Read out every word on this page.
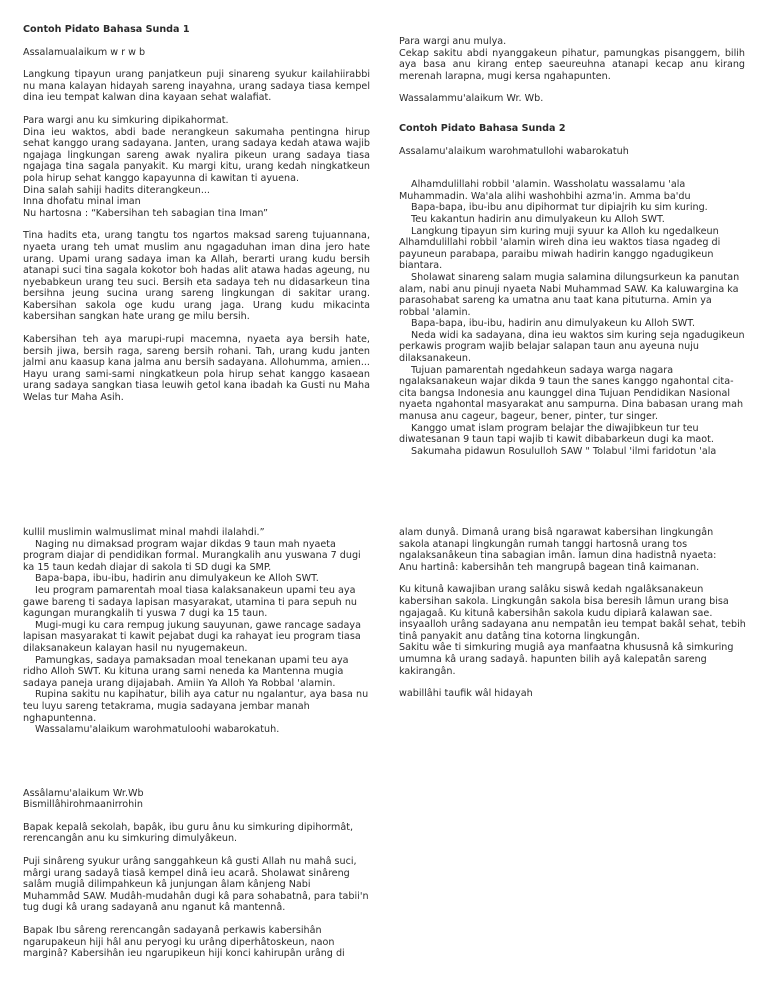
Contoh Pidato Bahasa Sunda 1

Assalamualaikum w r w b

Langkung tipayun urang panjatkeun puji sinareng syukur kailahiirabbi nu mana kalayan hidayah sareng inayahna, urang sadaya tiasa kempel dina ieu tempat kalwan dina kayaan sehat walafiat.

Para wargi anu ku simkuring dipikahormat.
Dina ieu waktos, abdi bade nerangkeun sakumaha pentingna hirup sehat kanggo urang sadayana. Janten, urang sadaya kedah atawa wajib ngajaga lingkungan sareng awak nyalira pikeun urang sadaya tiasa ngajaga tina sagala panyakit. Ku margi kitu, urang kedah ningkatkeun pola hirup sehat kanggo kapayunna di kawitan ti ayuena.
Dina salah sahiji hadits diterangkeun...
Inna dhofatu minal iman
Nu hartosna : “Kabersihan teh sabagian tina Iman”

Tina hadits eta, urang tangtu tos ngartos maksad sareng tujuannana, nyaeta urang teh umat muslim anu ngagaduhan iman dina jero hate urang. Upami urang sadaya iman ka Allah, berarti urang kudu bersih atanapi suci tina sagala kokotor boh hadas alit atawa hadas ageung, nu nyebabkeun urang teu suci. Bersih eta sadaya teh nu didasarkeun tina bersihna jeung sucina urang sareng lingkungan di sakitar urang. Kabersihan sakola oge kudu urang jaga. Urang kudu mikacinta kabersihan sangkan hate urang ge milu bersih.

Kabersihan teh aya marupi-rupi macemna, nyaeta aya bersih hate, bersih jiwa, bersih raga, sareng bersih rohani. Tah, urang kudu janten jalmi anu kaasup kana jalma anu bersih sadayana. Allohumma, amien... Hayu urang sami-sami ningkatkeun pola hirup sehat kanggo kasaean urang sadaya sangkan tiasa leuwih getol kana ibadah ka Gusti nu Maha Welas tur Maha Asih.

Para wargi anu mulya.
Cekap sakitu abdi nyanggakeun pihatur, pamungkas pisanggem, bilih aya basa anu kirang entep saeureuhna atanapi kecap anu kirang merenah larapna, mugi kersa ngahapunten.

Wassalammu'alaikum Wr. Wb.

Contoh Pidato Bahasa Sunda 2

Assalamu'alaikum warohmatullohi wabarokatuh

Alhamdulillahi robbil 'alamin. Wassholatu wassalamu 'ala Muhammadin. Wa'ala alihi washohbihi azma'in. Amma ba'du

Bapa-bapa, ibu-ibu anu dipihormat tur dipiajrih ku sim kuring.

Teu kakantun hadirin anu dimulyakeun ku Alloh SWT.

Langkung tipayun sim kuring muji syuur ka Alloh ku ngedalkeun Alhamdulillahi robbil 'alamin wireh dina ieu waktos tiasa ngadeg di payuneun parabapa, paraibu miwah hadirin kanggo ngadugikeun biantara.

Sholawat sinareng salam mugia salamina dilungsurkeun ka panutan alam, nabi anu pinuji nyaeta Nabi Muhammad SAW. Ka kaluwargina ka parasohabat sareng ka umatna anu taat kana pituturna. Amin ya robbal 'alamin.

Bapa-bapa, ibu-ibu, hadirin anu dimulyakeun ku Alloh SWT.

Neda widi ka sadayana, dina ieu waktos sim kuring seja ngadugikeun perkawis program wajib belajar salapan taun anu ayeuna nuju dilaksanakeun.

Tujuan pamarentah ngedahkeun sadaya warga nagara ngalaksanakeun wajar dikda 9 taun the sanes kanggo ngahontal cita-cita bangsa Indonesia anu kaunggel dina Tujuan Pendidikan Nasional nyaeta ngahontal masyarakat anu sampurna. Dina babasan urang mah manusa anu cageur, bageur, bener, pinter, tur singer.

Kanggo umat islam program belajar the diwajibkeun tur teu diwatesanan 9 taun tapi wajib ti kawit dibabarkeun dugi ka maot.

Sakumaha pidawun Rosululloh SAW " Tolabul 'ilmi faridotun 'ala

kullil muslimin walmuslimat minal mahdi ilalahdi.”

Naging nu dimaksad program wajar dikdas 9 taun mah nyaeta program diajar di pendidikan formal. Murangkalih anu yuswana 7 dugi ka 15 taun kedah diajar di sakola ti SD dugi ka SMP.

Bapa-bapa, ibu-ibu, hadirin anu dimulyakeun ke Alloh SWT.

Ieu program pamarentah moal tiasa kalaksanakeun upami teu aya gawe bareng ti sadaya lapisan masyarakat, utamina ti para sepuh nu kagungan murangkalih ti yuswa 7 dugi ka 15 taun.

Mugi-mugi ku cara rempug jukung sauyunan, gawe rancage sadaya lapisan masyarakat ti kawit pejabat dugi ka rahayat ieu program tiasa dilaksanakeun kalayan hasil nu nyugemakeun.

Pamungkas, sadaya pamaksadan moal tenekanan upami teu aya ridho Alloh SWT. Ku kituna urang sami neneda ka Mantenna mugia sadaya paneja urang dijajabah. Amiin Ya Alloh Ya Robbal 'alamin.

Rupina sakitu nu kapihatur, bilih aya catur nu ngalantur, aya basa nu teu luyu sareng tetakrama, mugia sadayana jembar manah nghapuntenna.

Wassalamu'alaikum warohmatuloohi wabarokatuh.

Assâlamu'alaikum Wr.Wb
Bismillâhirohmaanirrohin

Bapak kepalâ sekolah, bapâk, ibu guru ânu ku simkuring dipihormât, rerencangân anu ku simkuring dimulyâkeun.

Puji sinâreng syukur urâng sanggahkeun kâ gusti Allah nu mahâ suci, mârgi urang sadayâ tiasâ kempel dinâ ieu acarâ. Sholawat sinâreng salâm mugiâ dilimpahkeun kâ junjungan âlam kânjeng Nabi Muhammâd SAW. Mudâh-mudahân dugi kâ para sohabatnâ, para tabii'n tug dugi kâ urang sadayanâ anu nganut kâ mantennâ.

Bapak Ibu sâreng rerencangân sadayanâ perkawis kabersihân ngarupakeun hiji hâl anu peryogi ku urâng diperhâtoskeun, naon marginâ? Kabersihân ieu ngarupikeun hiji konci kahirupân urâng di

alam dunyâ. Dimanâ urang bisâ ngarawat kabersihan lingkungân sakola atanapi lingkungân rumah tanggi hartosnâ urang tos ngalaksanâkeun tina sabagian imân. Îamun dina hadistnâ nyaeta:
Anu hartinâ: kabersihân teh mangrupâ bagean tinâ kaimanan.

Ku kitunâ kawajiban urang salâku siswâ kedah ngalâksanakeun kabersihan sakola. Lingkungân sakola bisa beresih lâmun urang bisa ngajagaâ. Ku kitunâ kabersihân sakola kudu dipiarâ kalawan sae. insyaalloh urâng sadayana anu nempatân ieu tempat bakâl sehat, tebih tinâ panyakit anu datâng tina kotorna lingkungân.
Sakitu wâe ti simkuring mugiâ aya manfaatna khususnâ kâ simkuring umumna kâ urang sadayâ. hapunten bilih ayâ kalepatân sareng kakirangân.

wabillâhi taufik wâl hidayah
